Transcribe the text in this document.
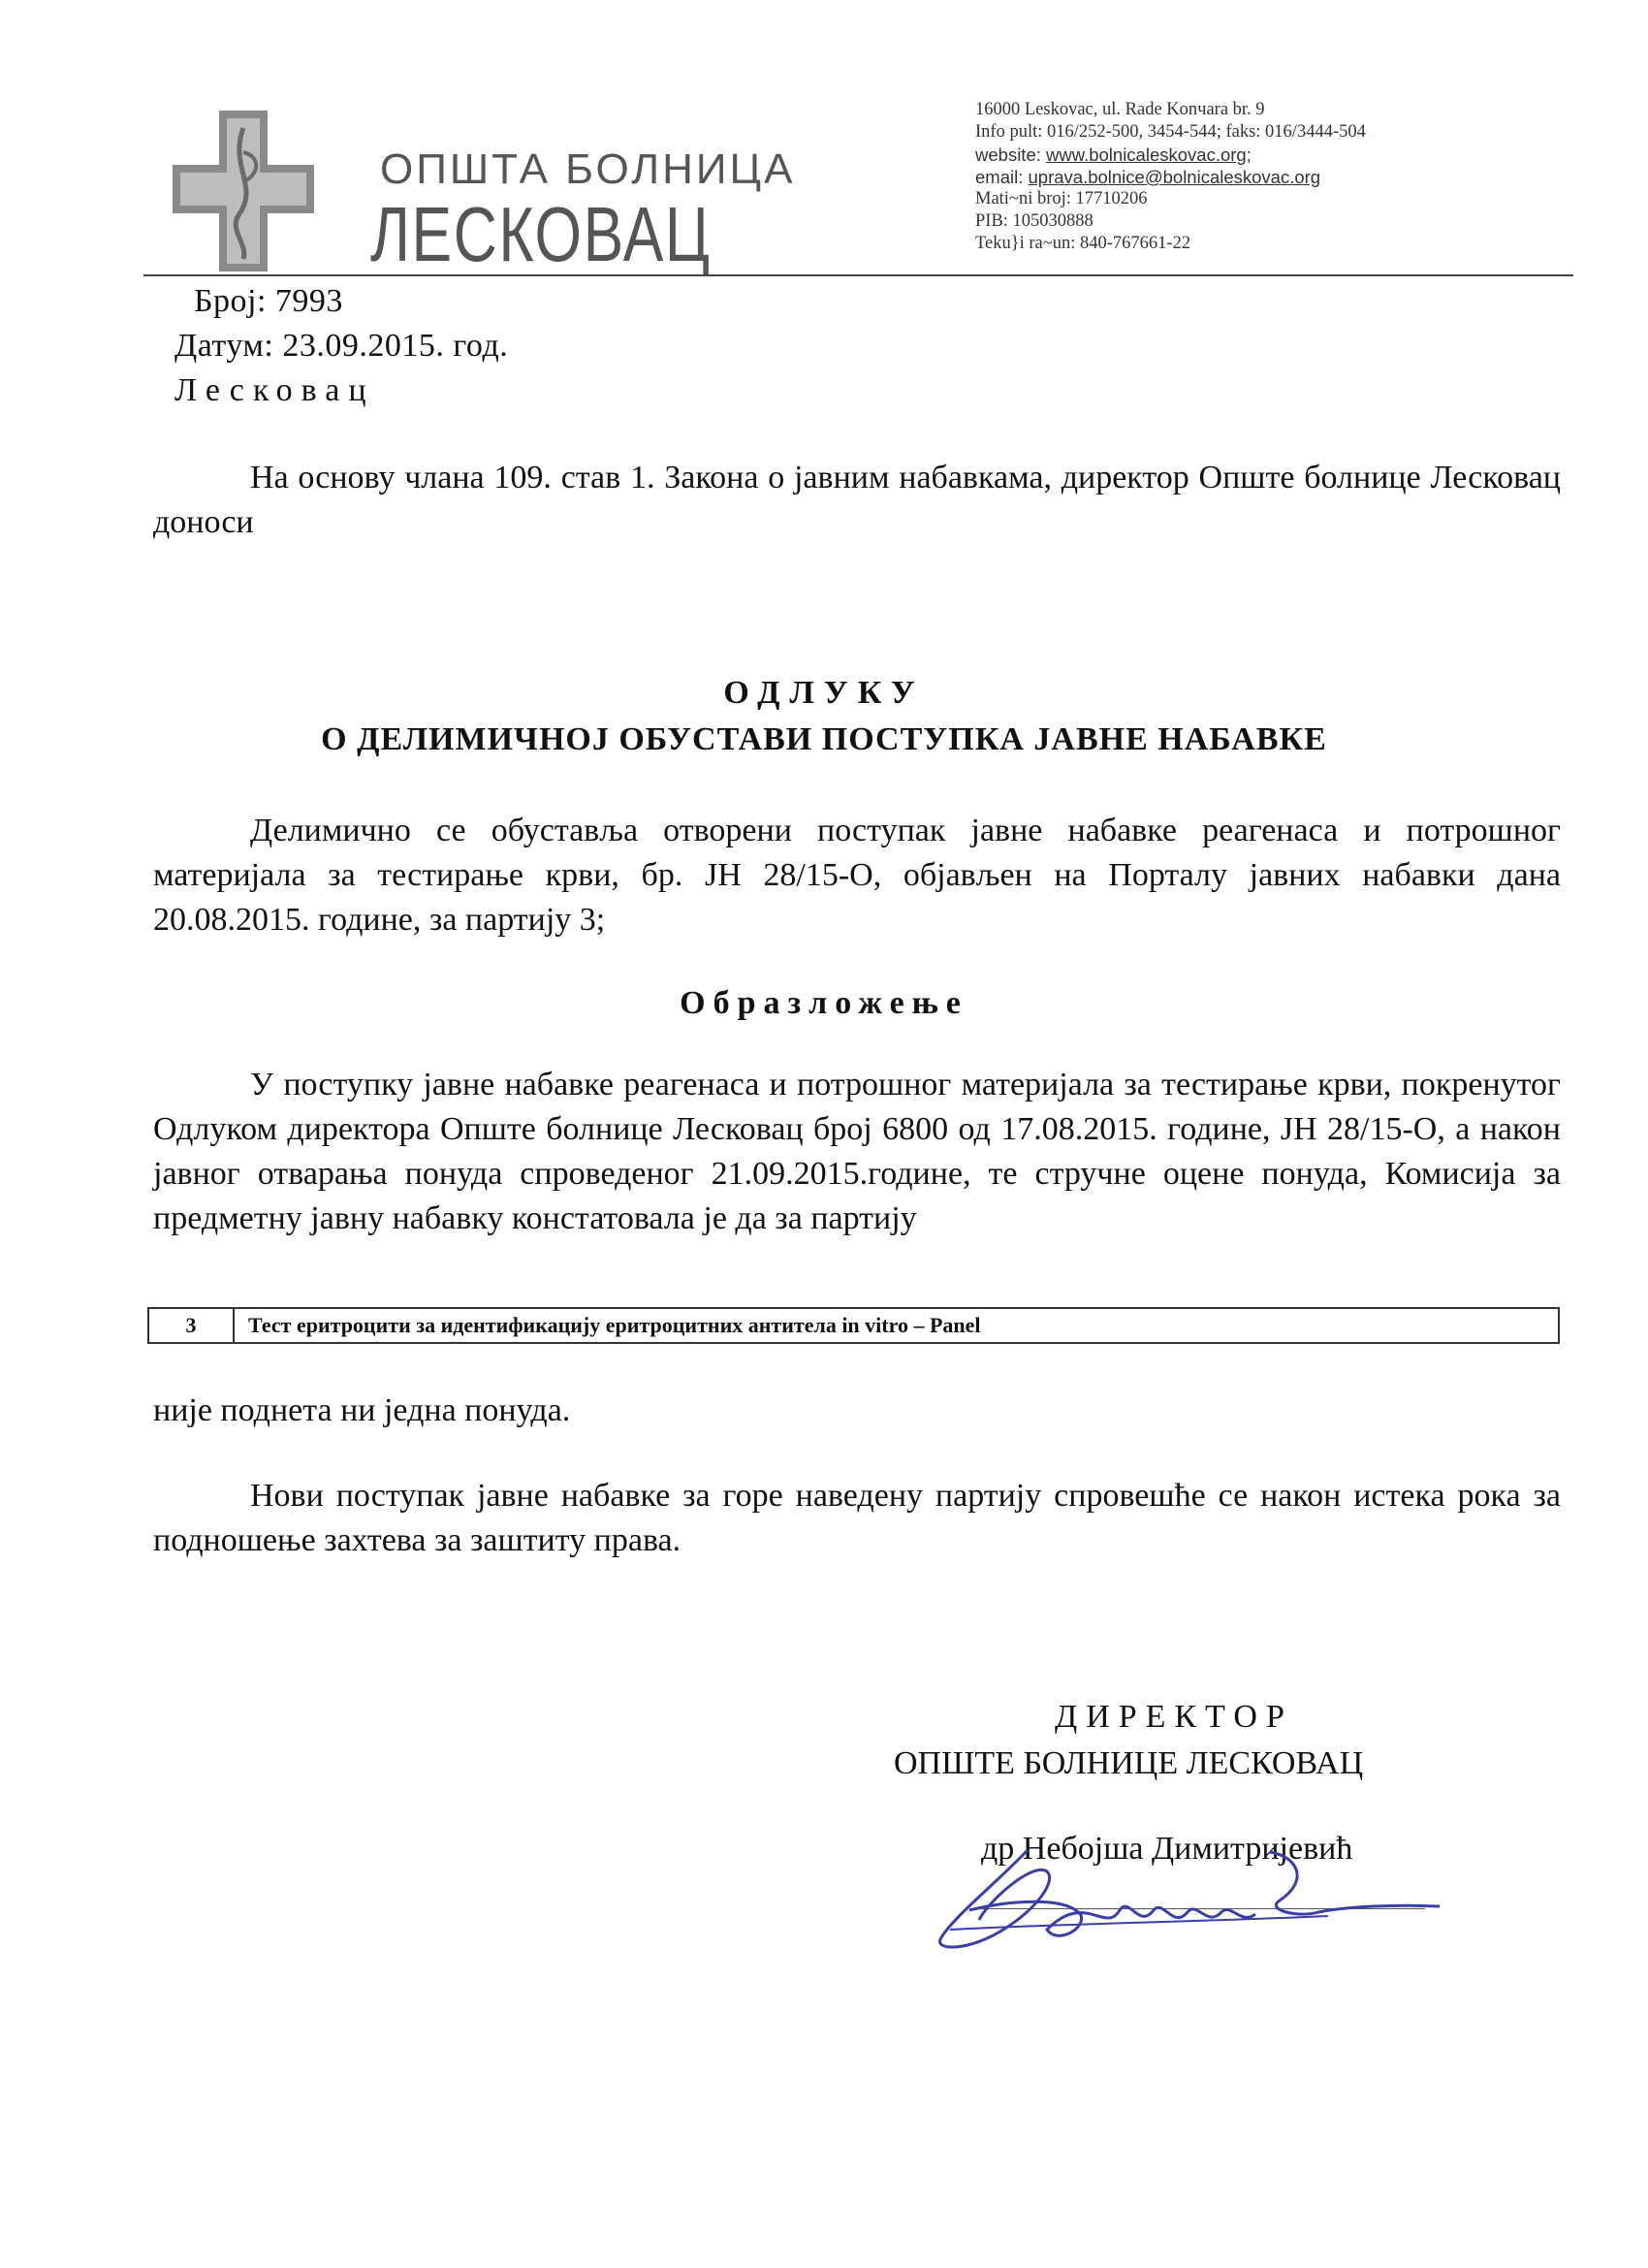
ОПШТА БОЛНИЦА
ЛЕСКОВАЦ
16000 Leskovac, ul. Rade Konчara br. 9
Info pult: 016/252-500, 3454-544; faks: 016/3444-504
website: www.bolnicaleskovac.org;
email: uprava.bolnice@bolnicaleskovac.org
Mati~ni broj: 17710206
PIB: 105030888
Teku}i ra~un: 840-767661-22
Број: 7993
Датум: 23.09.2015. год.
Лесковац
На основу члана 109. став 1. Закона о јавним набавкама, директор Опште болнице Лесковац доноси
ОДЛУКУ
О ДЕЛИМИЧНОЈ ОБУСТАВИ ПОСТУПКА ЈАВНЕ НАБАВКЕ
Делимично се обуставља отворени поступак јавне набавке реагенаса и потрошног материјала за тестирање крви, бр. ЈН 28/15-О, објављен на Порталу јавних набавки дана 20.08.2015. године, за партију 3;
Образложење
У поступку јавне набавке реагенаса и потрошног материјала за тестирање крви, покренутог Одлуком директора Опште болнице Лесковац број 6800 од 17.08.2015. године, ЈН 28/15-О, а након јавног отварања понуда спроведеног 21.09.2015.године, те стручне оцене понуда, Комисија за предметну јавну набавку констатовала је да за партију
3	Тест еритроцити за идентификацију еритроцитних антитела in vitro – Panel
није поднета ни једна понуда.
Нови поступак јавне набавке за горе наведену партију спровешће се након истека рока за подношење захтева за заштиту права.
ДИРЕКТОР
ОПШТЕ БОЛНИЦЕ ЛЕСКОВАЦ
др Небојша Димитријевић
